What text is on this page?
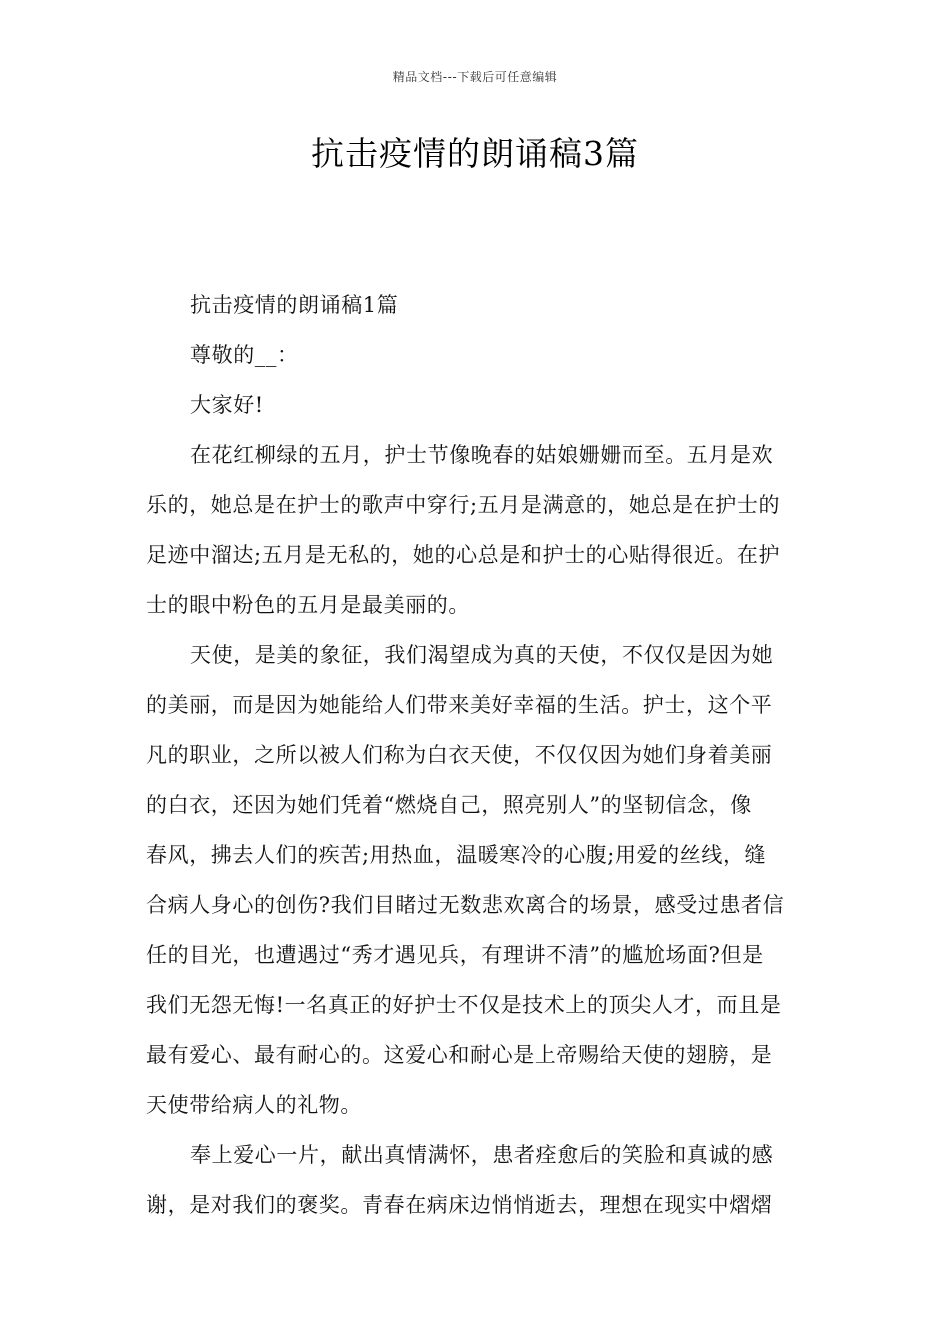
精品文档---下载后可任意编辑
抗击疫情的朗诵稿3篇
抗击疫情的朗诵稿1篇
尊敬的__：
大家好!
在花红柳绿的五月，护士节像晚春的姑娘姗姗而至。五月是欢
乐的，她总是在护士的歌声中穿行;五月是满意的，她总是在护士的
足迹中溜达;五月是无私的，她的心总是和护士的心贴得很近。在护
士的眼中粉色的五月是最美丽的。
天使，是美的象征，我们渴望成为真的天使，不仅仅是因为她
的美丽，而是因为她能给人们带来美好幸福的生活。护士，这个平
凡的职业，之所以被人们称为白衣天使，不仅仅因为她们身着美丽
的白衣，还因为她们凭着“燃烧自己，照亮别人”的坚韧信念，像
春风，拂去人们的疾苦;用热血，温暖寒冷的心腹;用爱的丝线，缝
合病人身心的创伤?我们目睹过无数悲欢离合的场景，感受过患者信
任的目光，也遭遇过“秀才遇见兵，有理讲不清”的尴尬场面?但是
我们无怨无悔!一名真正的好护士不仅是技术上的顶尖人才，而且是
最有爱心、最有耐心的。这爱心和耐心是上帝赐给天使的翅膀，是
天使带给病人的礼物。
奉上爱心一片，献出真情满怀，患者痊愈后的笑脸和真诚的感
谢，是对我们的褒奖。青春在病床边悄悄逝去，理想在现实中熠熠
